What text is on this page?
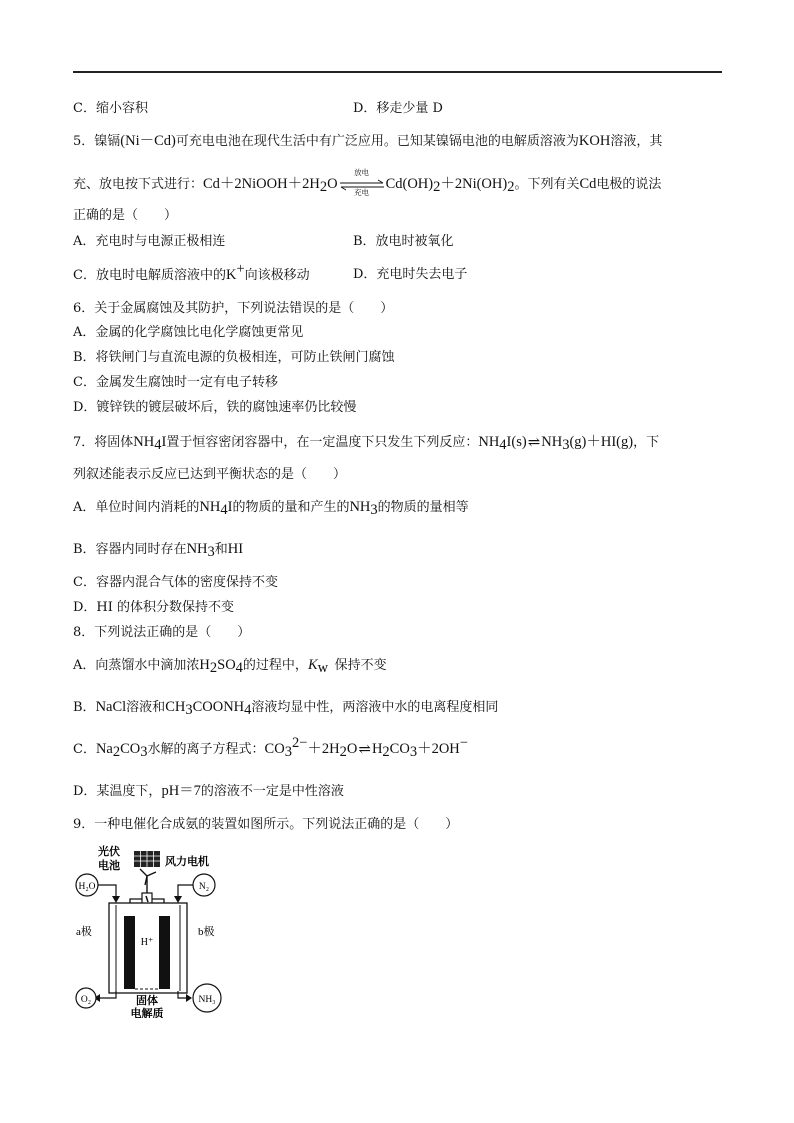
C．缩小容积	D．移走少量 D
5．镍镉(Ni－Cd)可充电电池在现代生活中有广泛应用。已知某镍镉电池的电解质溶液为KOH溶液，其
充、放电按下式进行：$Cd+2NiOOH+2H_2O$
放电
充电	$Cd(OH)_2+2Ni(OH)_2$。下列有关Cd电极的说法
正确的是（　　）
A．充电时与电源正极相连	B．放电时被氧化
C．放电时电解质溶液中的K+向该极移动	D．充电时失去电子
6．关于金属腐蚀及其防护，下列说法错误的是（　　）
A．金属的化学腐蚀比电化学腐蚀更常见
B．将铁闸门与直流电源的负极相连，可防止铁闸门腐蚀
C．金属发生腐蚀时一定有电子转移
D．镀锌铁的镀层破坏后，铁的腐蚀速率仍比较慢
7．将固体$NH_4I$置于恒容密闭容器中，在一定温度下只发生下列反应：$NH_4I(s)\rightleftharpoons NH_3(g)+HI(g)$，下
列叙述能表示反应已达到平衡状态的是（　　）
A．单位时间内消耗的$NH_4I$的物质的量和产生的$NH_3$的物质的量相等
B．容器内同时存在$NH_3$和HI
C．容器内混合气体的密度保持不变
D．HI 的体积分数保持不变
8．下列说法正确的是（　　）
A．向蒸馏水中滴加浓$H_2SO_4$的过程中，$K_w$  保持不变
B．NaCl溶液和$CH_3COONH_4$溶液均显中性，两溶液中水的电离程度相同
C．$Na_2CO_3$水解的离子方程式：$CO_3^{2-}+2H_2O\rightleftharpoons H_2CO_3+2OH^-$
D．某温度下，pH＝7的溶液不一定是中性溶液
9．一种电催化合成氨的装置如图所示。下列说法正确的是（　　）
光伏
电池	风力电机
H₂O	N₂
H⁺
a极	b极
O₂	NH₃
固体
电解质
